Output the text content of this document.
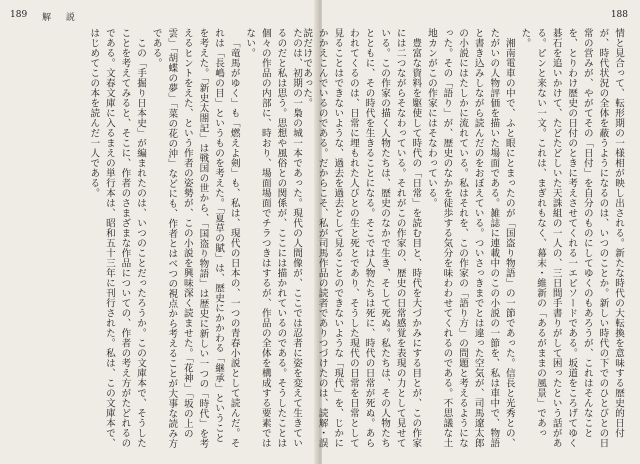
189 解 説

たのは、初期の一梟の城一本であった。現代の人間像が、ここでは忍者に姿を変えて生きているのだと私は思う。思想や風俗との関係が、ここには描かれているのである。そうしたことは個々の作品の内部に、時おり、場面場面でチラつきはするが、作品の全体を構成する要素ではない。

「竜馬がゆく」も「燃えよ剣」も、私は、現代の日本の、一つの青春小説として読んだ。それは「長嶋の目」というものを考えた。「夏草の賦」は、歴史にかかわる「継承」ということを考えた。「新史太閤記」は戦国の世から、「国盗り物語」は歴史に新しい一つの「時代」を考えるヒントをえた、という作者の姿勢が、この小説を興味深く読ませた。「花神」「坂の上の雲」「胡蝶の夢」「菜の花の沖」などにも、作者とはべつの視点から考えることが大事な読み方である。

この「手掘り日本史」が編まれたのは、いつのことだったろうか。この文庫本で、そうしたことを考えてみると、そこに、作者のさまざまな作品についての、作者の考え方がたどれるのである。文春文庫に入るまえの単行本は、昭和五十三年に刊行された。私は、この文庫本で、はじめてこの本を読んだ一人である。

188

情と見合って、転形期の一様相が映し出される。新たな時代の大転換を意味する歴史的日付が、時代状況の全体を蔽うようになるのは、いつのことか。新しい時代の下でのひとびとの日常の営みが、やがてその「日付」を自分のものにしてゆくのもあろうが、これはそんなことを、とりわけ歴史の日付のときに考えさせてくれる一エピソードである。坂道をころげてゆく碁石を追いかけて、たどたどしいた天誅組の一人の、三日間手書りがして困ったという話がある。ピンと来ない一文。これは、まぎれもなく、幕末・維新の「あるがままの風景」であった。

湘南電車の中で、ふと眼にとまったのが「国盗り物語」の一節であった。信長と光秀との、たがいの人物評価を描いた場面である。雑誌に連載中のこの小説の一節を、私は車中で、物語と書き込みしながら読んだのをおぼえている。ついさっきまでとは違った空気が、司馬遼太郎の小説にはたしかに流れている。私はそれを、この作家の「語り方」の問題と考えるようになった。その「語り」が、歴史のなかを徒歩する気分を味わわせてくれるのである。不思議な土地カンがこの作家にはそなわっている。

豊富な資料を駆使して時代の「日常」を読む目と、時代を大づかみにする目とが、この作家には二つながらそなわっている。それがこの作家の、歴史の日常感覚を表現の力として見せている。この作家の描く人物たちは、歴史のなかで生き、そして死ぬ。私たちは、その人物たちとともに、その時代を生きることになる。そこでは人物たちは死に、時代の日常が死ぬ。あらわれてくるのは、日常に埋もれた人びとの生と死とであり、そうした現代の日常を日常として見ることはできないような、過去を過去として見ることのできないような「現代」を、じかにかかえこんでいるのである。だからこそ、私が司馬作品の読者でありつづけたのは、読解・誤読だけであった。
